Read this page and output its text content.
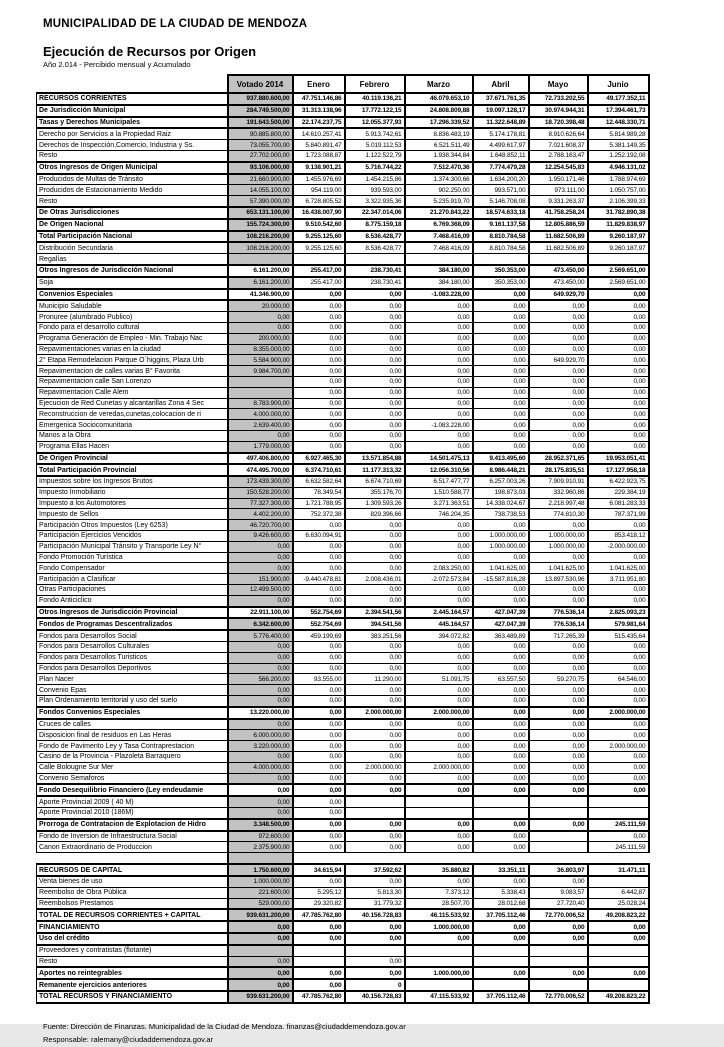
MUNICIPALIDAD DE LA CIUDAD DE MENDOZA
Ejecución de Recursos por Origen
Año 2.014 - Percibido mensual y Acumulado
	Votado 2014	Enero	Febrero	Marzo	Abril	Mayo	Junio
RECURSOS CORRIENTES	937.880.600,00	47.751.146,86	40.119.136,21	46.079.653,10	37.671.761,35	72.733.202,55	49.177.352,11
De Jurisdicción Municipal	284.749.500,00	31.313.138,96	17.772.122,15	24.808.809,88	19.097.128,17	30.974.944,31	17.394.461,73
Tasas y Derechos Municipales	191.643.500,00	22.174.237,75	12.055.377,93	17.296.339,52	11.322.648,89	18.720.398,48	12.448.330,71
Derecho por Servicios a la Propiedad Raiz	90.885.800,00	14.610.257,41	5.913.742,61	8.836.483,19	5.174.178,81	8.910.626,64	5.814.989,28
Derechos de Inspección,Comercio, Industria y Ss.	73.055.700,00	5.840.891,47	5.019.112,53	6.521.511,49	4.499.617,97	7.021.608,37	5.381.149,35
Resto	27.702.000,00	1.723.088,87	1.122.522,79	1.938.344,84	1.648.852,11	2.788.163,47	1.252.192,08
Otros Ingresos de Origen Municipal	93.106.000,00	9.138.901,21	5.716.744,22	7.512.470,36	7.774.479,28	12.254.545,83	4.946.131,02
Producidos de Multas de Tránsito	21.660.900,00	1.455.976,69	1.454.215,86	1.374.300,66	1.634.200,20	1.950.171,46	1.788.974,69
Producidos de Estacionamiento Medido	14.055.100,00	954.119,00	939.593,00	902.250,00	993.571,00	973.111,00	1.050.757,00
Resto	57.390.000,00	6.728.805,52	3.322.935,36	5.235.919,70	5.146.708,08	9.331.263,37	2.106.399,33
De Otras Jurisdicciones	653.131.100,00	16.438.007,90	22.347.014,06	21.270.843,22	18.574.633,18	41.758.258,24	31.782.890,38
De Origen Nacional	155.724.300,00	9.510.542,60	8.775.159,18	6.769.368,09	9.161.137,58	12.805.886,59	11.829.838,97
Total Participación Nacional	108.216.200,00	9.255.125,60	8.536.428,77	7.468.416,09	8.810.784,58	11.682.506,89	9.260.187,97
Distribución Secundaria	108.216.200,00	9.255.125,60	8.536.428,77	7.468.416,09	8.810.784,58	11.682.506,89	9.260.187,97
Regalías							
Otros Ingresos de Jurisdicción Nacional	6.161.200,00	255.417,00	238.730,41	384.180,00	350.353,00	473.450,00	2.569.651,00
Soja	6.161.200,00	255.417,00	238.730,41	384.180,00	350.353,00	473.450,00	2.569.651,00
Convenios Especiales	41.346.900,00	0,00	0,00	-1.083.228,00	0,00	649.929,70	0,00
Municipio Saludable	20.000,00	0,00	0,00	0,00	0,00	0,00	0,00
Pronuree (alumbrado Publico)	0,00	0,00	0,00	0,00	0,00	0,00	0,00
Fondo para el desarrollo cultural	0,00	0,00	0,00	0,00	0,00	0,00	0,00
Programa Generación de Empleo - Min. Trabajo Nac	200.000,00	0,00	0,00	0,00	0,00	0,00	0,00
Repavimentaciones varias en la ciudad	8.355.000,00	0,00	0,00	0,00	0,00	0,00	0,00
2° Etapa Remodelacion Parque O´higgins, Plaza Urb	5.584.900,00	0,00	0,00	0,00	0,00	649.929,70	0,00
Repavimentacion de calles varias B° Favorita	9.984.700,00	0,00	0,00	0,00	0,00	0,00	0,00
Repavimentacion calle San Lorenzo		0,00	0,00	0,00	0,00	0,00	0,00
Repavimentacion Calle Alem		0,00	0,00	0,00	0,00	0,00	0,00
Ejecucion de Red Cunetas y alcantarillas Zona 4 Sec	8.783.900,00	0,00	0,00	0,00	0,00	0,00	0,00
Reconstruccion de veredas,cunetas,colocacion de ri	4.000.000,00	0,00	0,00	0,00	0,00	0,00	0,00
Emergenica Sociocomunitaria	2.639.400,00	0,00	0,00	-1.083.228,00	0,00	0,00	0,00
Manos a la Obra	0,00	0,00	0,00	0,00	0,00	0,00	0,00
Programa Ellas Hacen	1.779.000,00	0,00	0,00	0,00	0,00	0,00	0,00
De Origen Provincial	497.406.800,00	6.927.465,30	13.571.854,88	14.501.475,13	9.413.495,60	28.952.371,65	19.953.051,41
Total Participación Provincial	474.495.700,00	6.374.710,61	11.177.313,32	12.056.310,56	8.986.448,21	28.175.835,51	17.127.958,18
Impuestos sobre los Ingresos Brutos	173.439.300,00	6.632.582,64	6.674.710,69	6.517.477,77	6.257.003,26	7.909.910,91	6.422.923,75
Impuesto Inmobiliario	150.528.200,00	78.349,54	355.176,70	1.510.588,77	198.873,03	332.960,86	229.384,19
Impuesto a los Automotores	77.327.300,00	1.721.788,95	1.309.593,26	3.271.363,51	14.338.024,67	2.218.997,48	6.081.283,33
Impuesto de Sellos	4.402.200,00	752.372,38	829.396,66	746.204,35	738.738,53	774.810,30	787.371,99
Participación Otros Impuestos (Ley 6253)	46.720.700,00	0,00	0,00	0,00	0,00	0,00	0,00
Participación Ejercicios Vencidos	9.426.600,00	6.630.094,91	0,00	0,00	1.000.000,00	1.000.000,00	853.418,12
Participación Municipal Tránsito y Transporte Ley N°	0,00	0,00	0,00	0,00	1.000.000,00	1.000.000,00	-2.000.000,00
Fondo Promoción Turística	0,00	0,00	0,00	0,00	0,00	0,00	0,00
Fondo Compensador	0,00	0,00	0,00	2.083.250,00	1.041.625,00	1.041.625,00	1.041.625,00
Participación a Clasificar	151.900,00	-9.440.478,81	2.008.436,01	-2.072.573,84	-15.587.816,28	13.897.530,96	3.711.951,80
Otras Participaciones	12.499.500,00	0,00	0,00	0,00	0,00	0,00	0,00
Fondo Anticiclico	0,00	0,00	0,00	0,00	0,00	0,00	0,00
Otros Ingresos de Jurisdicción Provincial	22.911.100,00	552.754,69	2.394.541,56	2.445.164,57	427.047,39	776.536,14	2.825.093,23
Fondos de Programas Descentralizados	6.342.600,00	552.754,69	394.541,56	445.164,57	427.047,39	776.536,14	579.981,64
Fondos para Desarrollos Social	5.776.400,00	459.199,69	383.251,56	394.072,82	363.489,89	717.265,39	515.435,64
Fondos para Desarrollos Culturales	0,00	0,00	0,00	0,00	0,00	0,00	0,00
Fondos para Desarrollos Turisticos	0,00	0,00	0,00	0,00	0,00	0,00	0,00
Fondos para Desarrollos Deportivos	0,00	0,00	0,00	0,00	0,00	0,00	0,00
Plan Nacer	566.200,00	93.555,00	11.290,00	51.091,75	63.557,50	59.270,75	64.546,00
Convenio Epas	0,00	0,00	0,00	0,00	0,00	0,00	0,00
Plan Ordenamiento territorial y uso del suelo	0,00	0,00	0,00	0,00	0,00	0,00	0,00
Fondos Convenios Especiales	13.220.000,00	0,00	2.000.000,00	2.000.000,00	0,00	0,00	2.000.000,00
Cruces de calles	0,00	0,00	0,00	0,00	0,00	0,00	0,00
Disposicion final de residuos en Las Heras	6.000.000,00	0,00	0,00	0,00	0,00	0,00	0,00
Fondo de Pavimento Ley y Tasa Contraprestacion	3.220.000,00	0,00	0,00	0,00	0,00	0,00	2.000.000,00
Casino de la Provincia - Plazoleta Barraquero	0,00	0,00	0,00	0,00	0,00	0,00	0,00
Calle Bolougne Sur Mer	4.000.000,00	0,00	2.000.000,00	2.000.000,00	0,00	0,00	0,00
Convenio Semaforos	0,00	0,00	0,00	0,00	0,00	0,00	0,00
Fondo Desequilibrio Financiero (Ley endeudamie	0,00	0,00	0,00	0,00	0,00	0,00	0,00
Aporte Provincial 2009 ( 40 M)	0,00	0,00					
Aporte Provincial 2010 (186M)	0,00	0,00					
Prorroga de Contratacion de Explotacion de Hidro	3.348.500,00	0,00	0,00	0,00	0,00	0,00	245.111,59
Fondo de Inversion de Infraestructura Social	972.600,00	0,00	0,00	0,00	0,00		0,00
Canon Extraordinario de Produccion	2.375.900,00	0,00	0,00	0,00	0,00		245.111,59

RECURSOS DE CAPITAL	1.750.600,00	34.615,94	37.592,62	35.880,82	33.351,11	36.803,97	31.471,11
Venta bienes de uso	1.000.000,00	0,00	0,00	0,00	0,00	0,00	
Reembolso de Obra Pública	221.600,00	5.295,12	5.813,30	7.373,12	5.338,43	9.083,57	6.442,87
Reembolsos Prestamos	529.000,00	29.320,82	31.779,32	28.507,70	28.012,68	27.720,40	25.028,24
TOTAL DE RECURSOS CORRIENTES + CAPITAL	939.631.200,00	47.785.762,80	40.156.728,83	46.115.533,92	37.705.112,46	72.770.006,52	49.208.823,22
FINANCIAMIENTO	0,00	0,00	0,00	1.000.000,00	0,00	0,00	0,00
Uso del crédito	0,00	0,00	0,00	0,00	0,00	0,00	0,00
Proveedores y contratistas (flotante)							
Resto	0,00		0,00				
Aportes no reintegrables	0,00	0,00	0,00	1.000.000,00	0,00	0,00	0,00
Remanente ejercicios anteriores	0,00	0,00	0				
TOTAL RECURSOS Y FINANCIAMIENTO	939.631.200,00	47.785.762,80	40.156.728,83	47.115.533,92	37.705.112,46	72.770.006,52	49.208.823,22
Fuente: Dirección de Finanzas. Municipalidad de la Ciudad de Mendoza. finanzas@ciudaddemendoza.gov.ar
Responsable: ralemany@ciudaddemendoza.gov.ar
